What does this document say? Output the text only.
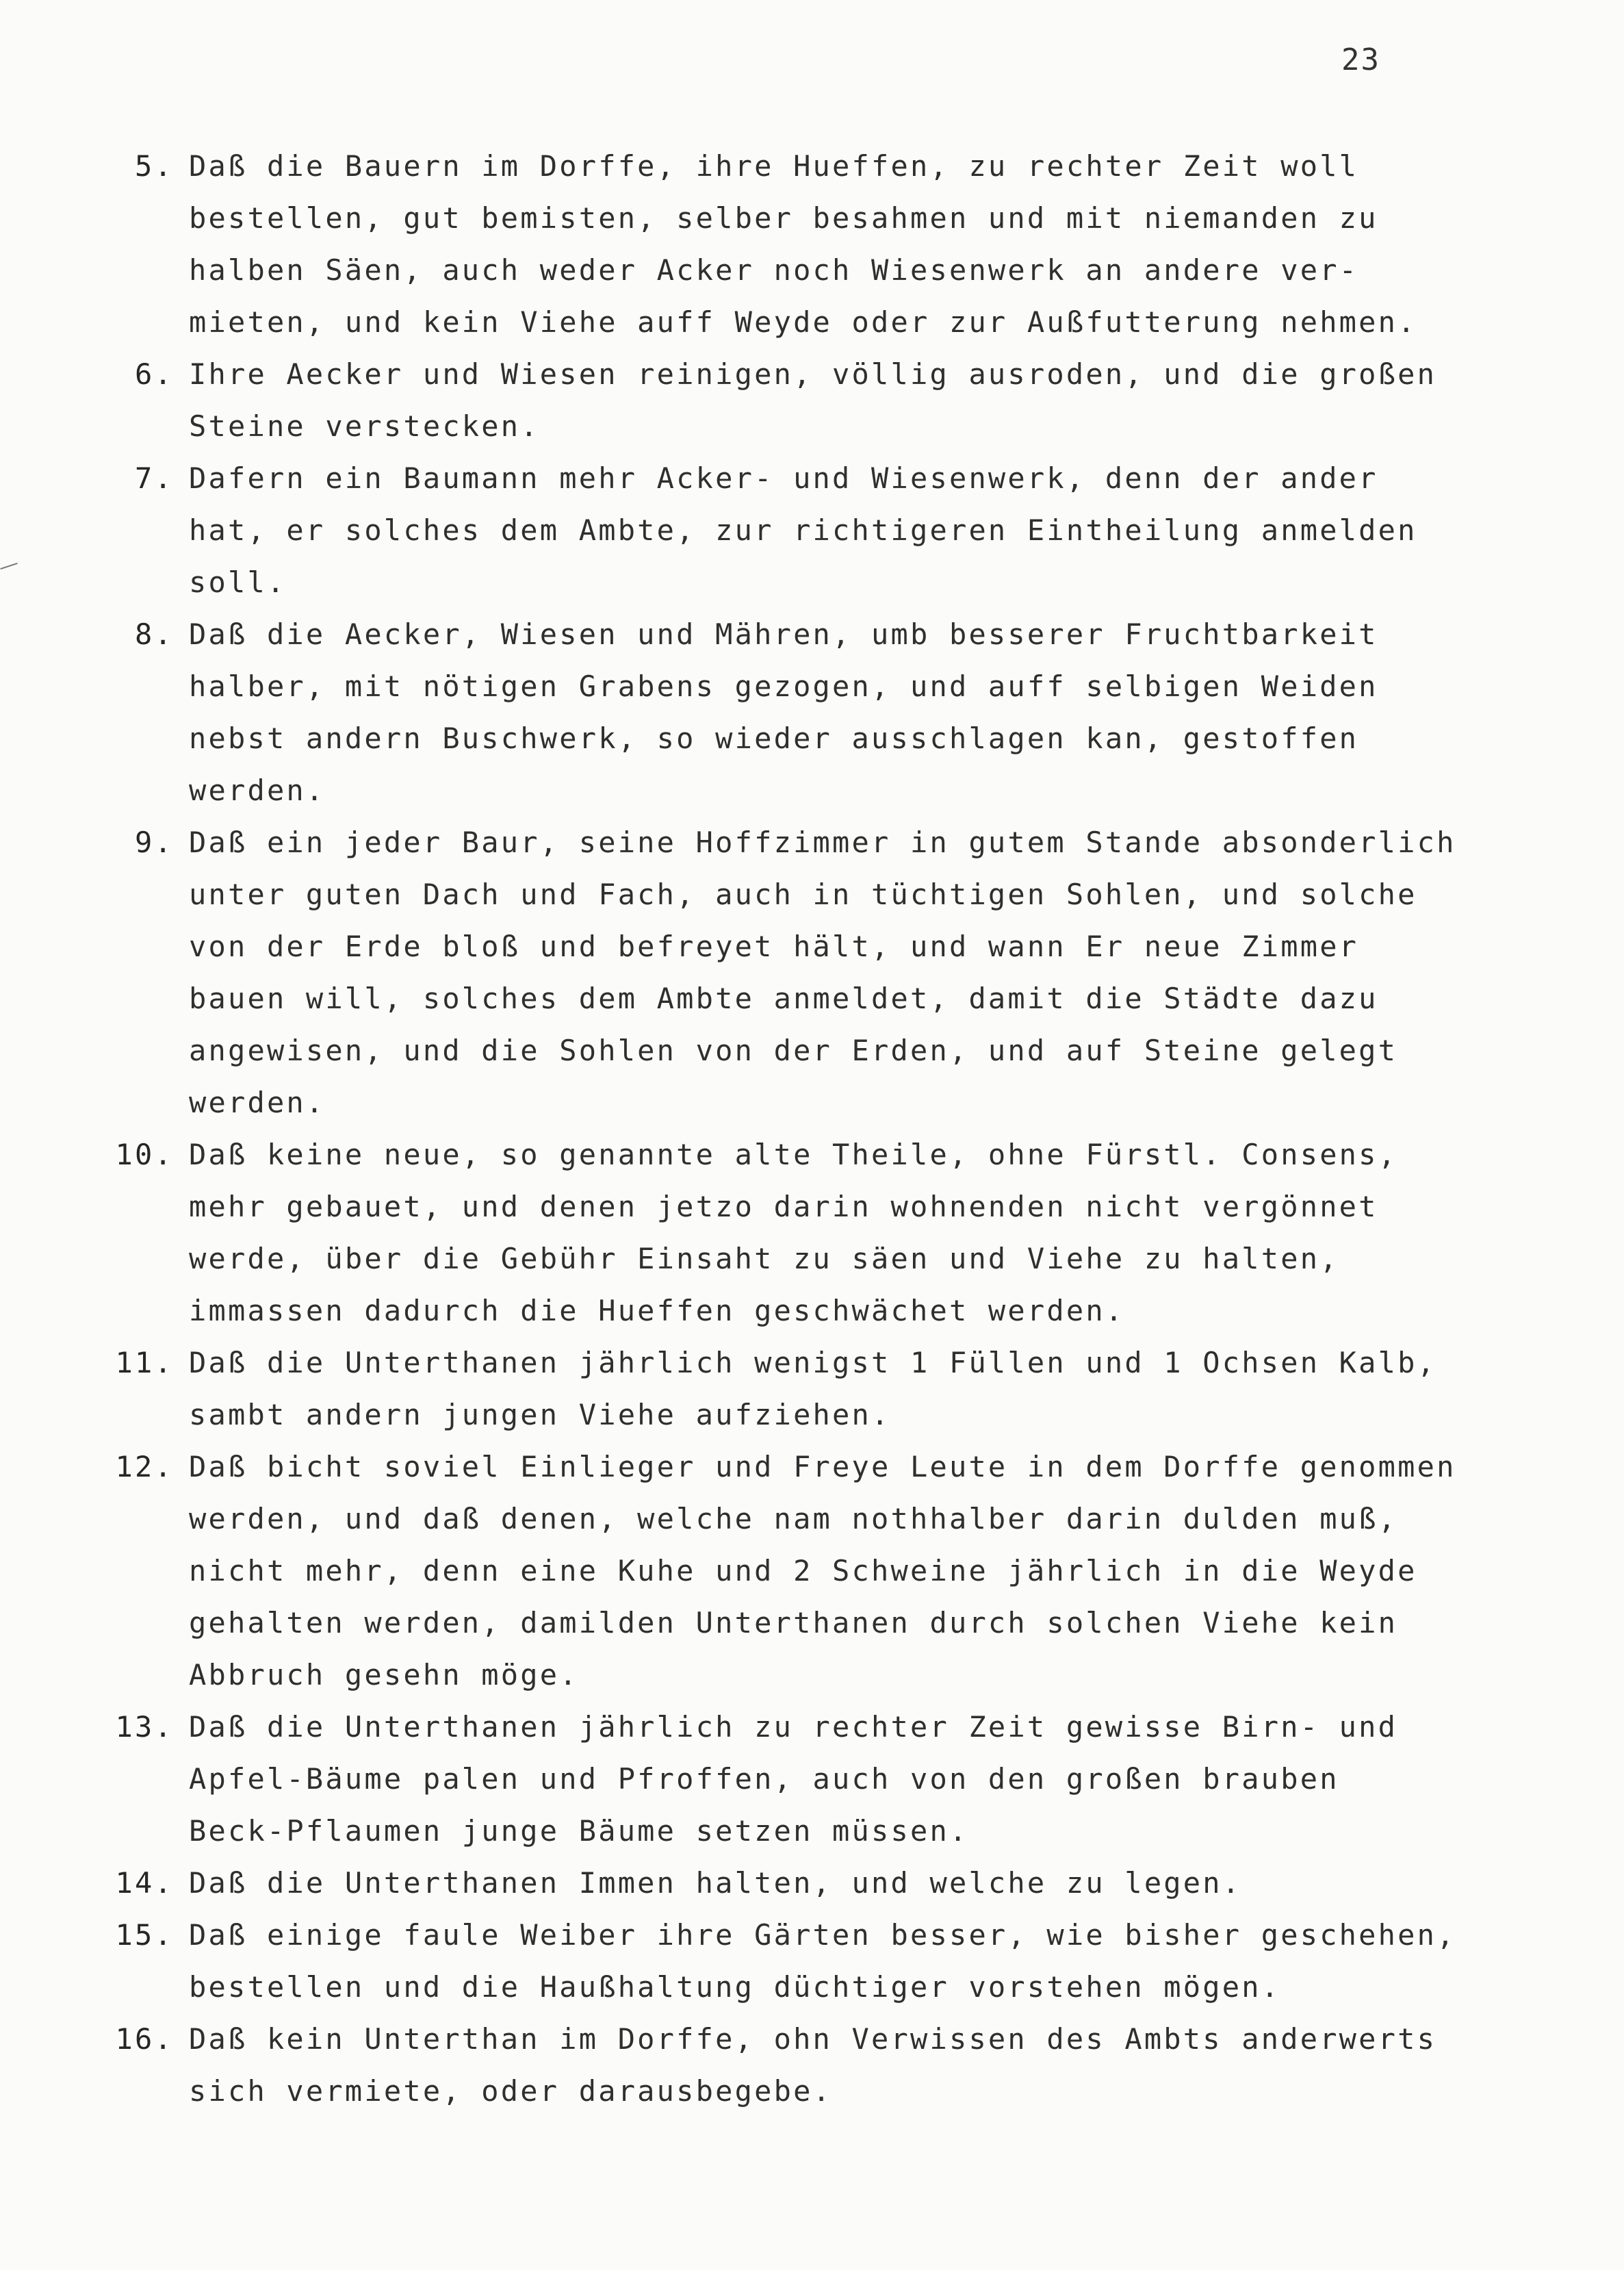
23
5. Daß die Bauern im Dorffe, ihre Hueffen, zu rechter Zeit woll
bestellen, gut bemisten, selber besahmen und mit niemanden zu
halben Säen, auch weder Acker noch Wiesenwerk an andere ver-
mieten, und kein Viehe auff Weyde oder zur Außfutterung nehmen.
6. Ihre Aecker und Wiesen reinigen, völlig ausroden, und die großen
Steine verstecken.
7. Dafern ein Baumann mehr Acker- und Wiesenwerk, denn der ander
hat, er solches dem Ambte, zur richtigeren Eintheilung anmelden
soll.
8. Daß die Aecker, Wiesen und Mähren, umb besserer Fruchtbarkeit
halber, mit nötigen Grabens gezogen, und auff selbigen Weiden
nebst andern Buschwerk, so wieder ausschlagen kan, gestoffen
werden.
9. Daß ein jeder Baur, seine Hoffzimmer in gutem Stande absonderlich
unter guten Dach und Fach, auch in tüchtigen Sohlen, und solche
von der Erde bloß und befreyet hält, und wann Er neue Zimmer
bauen will, solches dem Ambte anmeldet, damit die Städte dazu
angewisen, und die Sohlen von der Erden, und auf Steine gelegt
werden.
10. Daß keine neue, so genannte alte Theile, ohne Fürstl. Consens,
mehr gebauet, und denen jetzo darin wohnenden nicht vergönnet
werde, über die Gebühr Einsaht zu säen und Viehe zu halten,
immassen dadurch die Hueffen geschwächet werden.
11. Daß die Unterthanen jährlich wenigst 1 Füllen und 1 Ochsen Kalb,
sambt andern jungen Viehe aufziehen.
12. Daß bicht soviel Einlieger und Freye Leute in dem Dorffe genommen
werden, und daß denen, welche nam nothhalber darin dulden muß,
nicht mehr, denn eine Kuhe und 2 Schweine jährlich in die Weyde
gehalten werden, damilden Unterthanen durch solchen Viehe kein
Abbruch gesehn möge.
13. Daß die Unterthanen jährlich zu rechter Zeit gewisse Birn- und
Apfel-Bäume palen und Pfroffen, auch von den großen brauben
Beck-Pflaumen junge Bäume setzen müssen.
14. Daß die Unterthanen Immen halten, und welche zu legen.
15. Daß einige faule Weiber ihre Gärten besser, wie bisher geschehen,
bestellen und die Haußhaltung düchtiger vorstehen mögen.
16. Daß kein Unterthan im Dorffe, ohn Verwissen des Ambts anderwerts
sich vermiete, oder darausbegebe.
